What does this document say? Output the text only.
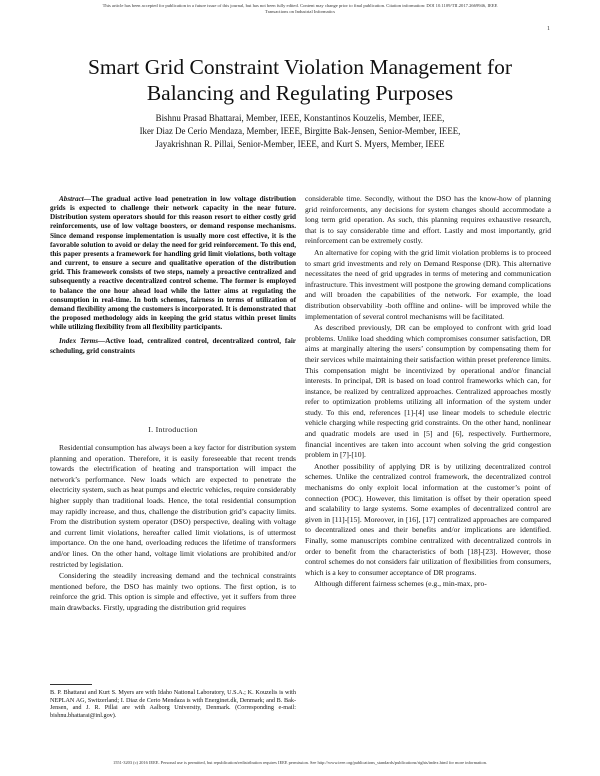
This article has been accepted for publication in a future issue of this journal, but has not been fully edited. Content may change prior to final publication. Citation information: DOI 10.1109/TII.2017.2669946, IEEE
Transactions on Industrial Informatics
1
Smart Grid Constraint Violation Management for
Balancing and Regulating Purposes
Bishnu Prasad Bhattarai, Member, IEEE, Konstantinos Kouzelis, Member, IEEE,
Iker Diaz De Cerio Mendaza, Member, IEEE, Birgitte Bak-Jensen, Senior-Member, IEEE,
Jayakrishnan R. Pillai, Senior-Member, IEEE, and Kurt S. Myers, Member, IEEE

Abstract—The gradual active load penetration in low voltage distribution grids is expected to challenge their network capacity in the near future. Distribution system operators should for this reason resort to either costly grid reinforcements, use of low voltage boosters, or demand response mechanisms. Since demand response implementation is usually more cost effective, it is the favorable solution to avoid or delay the need for grid reinforcement. To this end, this paper presents a framework for handling grid limit violations, both voltage and current, to ensure a secure and qualitative operation of the distribution grid. This framework consists of two steps, namely a proactive centralized and subsequently a reactive decentralized control scheme. The former is employed to balance the one hour ahead load while the latter aims at regulating the consumption in real-time. In both schemes, fairness in terms of utilization of demand flexibility among the customers is incorporated. It is demonstrated that the proposed methodology aids in keeping the grid status within preset limits while utilizing flexibility from all flexibility participants.

Index Terms—Active load, centralized control, decentralized control, fair scheduling, grid constraints

I. Introduction

Residential consumption has always been a key factor for distribution system planning and operation. Therefore, it is easily foreseeable that recent trends towards the electrification of heating and transportation will impact the network’s performance. New loads which are expected to penetrate the electricity system, such as heat pumps and electric vehicles, require considerably higher supply than traditional loads. Hence, the total residential consumption may rapidly increase, and thus, challenge the distribution grid’s capacity limits. From the distribution system operator (DSO) perspective, dealing with voltage and current limit violations, hereafter called limit violations, is of uttermost importance. On the one hand, overloading reduces the lifetime of transformers and/or lines. On the other hand, voltage limit violations are prohibited and/or restricted by legislation.

Considering the steadily increasing demand and the technical constraints mentioned before, the DSO has mainly two options. The first option, is to reinforce the grid. This option is simple and effective, yet it suffers from three main drawbacks. Firstly, upgrading the distribution grid requires

B. P. Bhattarai and Kurt S. Myers are with Idaho National Laboratory, U.S.A.; K. Kouzelis is with NEPLAN AG, Switzerland; I. Diaz de Cerio Mendaza is with Energinet.dk, Denmark; and B. Bak-Jensen, and J. R. Pillai are with Aalborg University, Denmark. (Corresponding e-mail: bishnu.bhattarai@inl.gov).

considerable time. Secondly, without the DSO has the know-how of planning grid reinforcements, any decisions for system changes should accommodate a long term grid operation. As such, this planning requires exhaustive research, that is to say considerable time and effort. Lastly and most importantly, grid reinforcement can be extremely costly.

An alternative for coping with the grid limit violation problems is to proceed to smart grid investments and rely on Demand Response (DR). This alternative necessitates the need of grid upgrades in terms of metering and communication infrastructure. This investment will postpone the growing demand complications and will broaden the capabilities of the network. For example, the load distribution observability -both offline and online- will be improved while the implementation of several control mechanisms will be facilitated.

As described previously, DR can be employed to confront with grid load problems. Unlike load shedding which compromises consumer satisfaction, DR aims at marginally altering the users’ consumption by compensating them for their services while maintaining their satisfaction within preset preference limits. This compensation might be incentivized by operational and/or financial interests. In principal, DR is based on load control frameworks which can, for instance, be realized by centralized approaches. Centralized approaches mostly refer to optimization problems utilizing all information of the system under study. To this end, references [1]-[4] use linear models to schedule electric vehicle charging while respecting grid constraints. On the other hand, nonlinear and quadratic models are used in [5] and [6], respectively. Furthermore, financial incentives are taken into account when solving the grid congestion problem in [7]-[10].

Another possibility of applying DR is by utilizing decentralized control schemes. Unlike the centralized control framework, the decentralized control mechanisms do only exploit local information at the customer’s point of connection (POC). However, this limitation is offset by their operation speed and scalability to large systems. Some examples of decentralized control are given in [11]-[15]. Moreover, in [16], [17] centralized approaches are compared to decentralized ones and their benefits and/or implications are identified. Finally, some manuscripts combine centralized with decentralized controls in order to benefit from the characteristics of both [18]-[23]. However, those control schemes do not considers fair utilization of flexibilities from consumers, which is a key to consumer acceptance of DR programs.

Although different fairness schemes (e.g., min-max, pro-

1551-3203 (c) 2016 IEEE. Personal use is permitted, but republication/redistribution requires IEEE permission. See http://www.ieee.org/publications_standards/publications/rights/index.html for more information.
